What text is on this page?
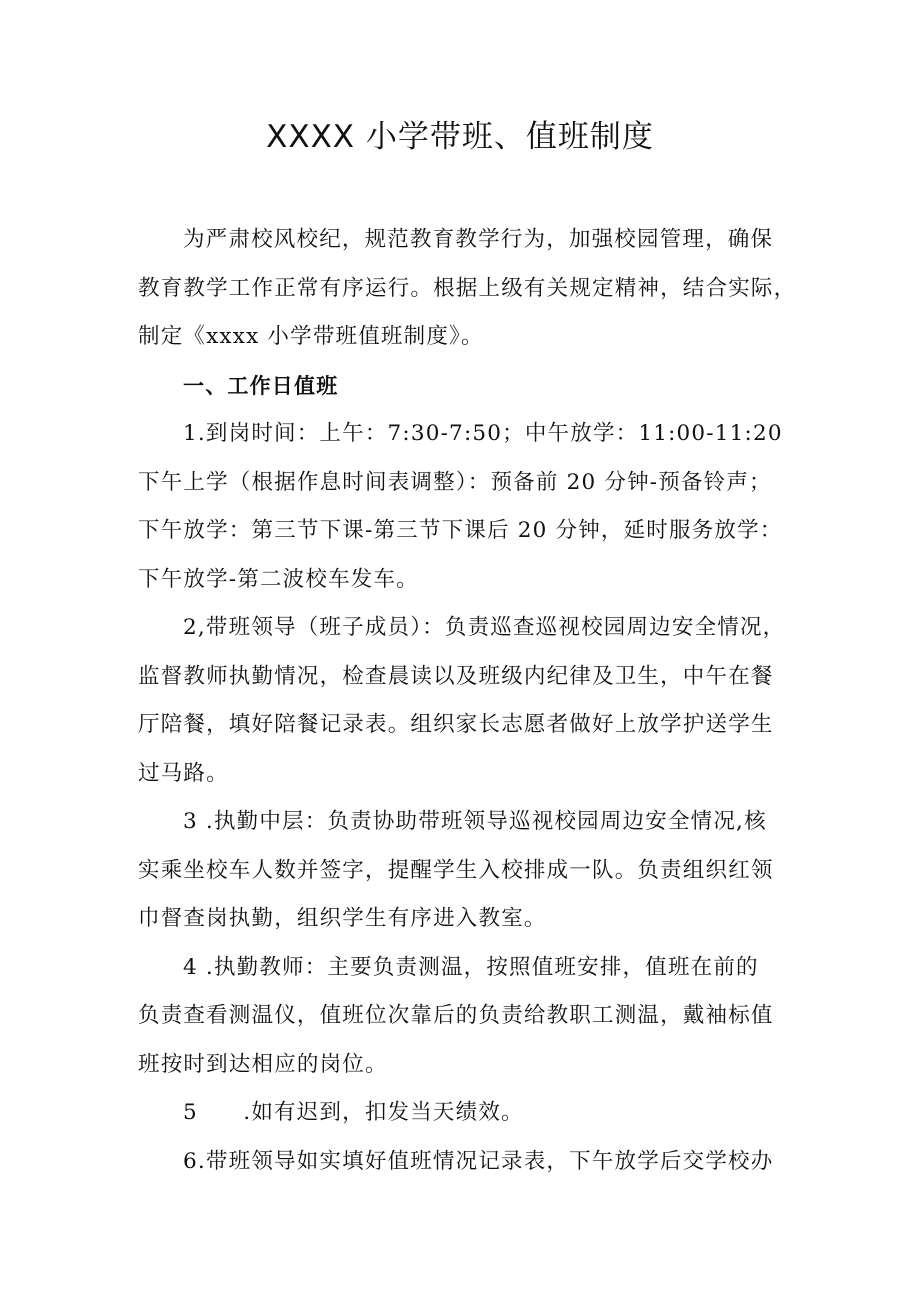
XXXX 小学带班、值班制度

为严肃校风校纪，规范教育教学行为，加强校园管理，确保

教育教学工作正常有序运行。根据上级有关规定精神，结合实际，

制定《xxxx 小学带班值班制度》。

一、工作日值班

1.到岗时间：上午：7:30-7:50；中午放学：11:00-11:20

下午上学（根据作息时间表调整）：预备前 20 分钟-预备铃声；

下午放学：第三节下课-第三节下课后 20 分钟，延时服务放学：

下午放学-第二波校车发车。

2,带班领导（班子成员）：负责巡查巡视校园周边安全情况，

监督教师执勤情况，检查晨读以及班级内纪律及卫生，中午在餐

厅陪餐，填好陪餐记录表。组织家长志愿者做好上放学护送学生

过马路。

3 .执勤中层：负责协助带班领导巡视校园周边安全情况,核

实乘坐校车人数并签字，提醒学生入校排成一队。负责组织红领

巾督查岗执勤，组织学生有序进入教室。

4 .执勤教师：主要负责测温，按照值班安排，值班在前的

负责查看测温仪，值班位次靠后的负责给教职工测温，戴袖标值

班按时到达相应的岗位。

5　　.如有迟到，扣发当天绩效。

6.带班领导如实填好值班情况记录表，下午放学后交学校办
